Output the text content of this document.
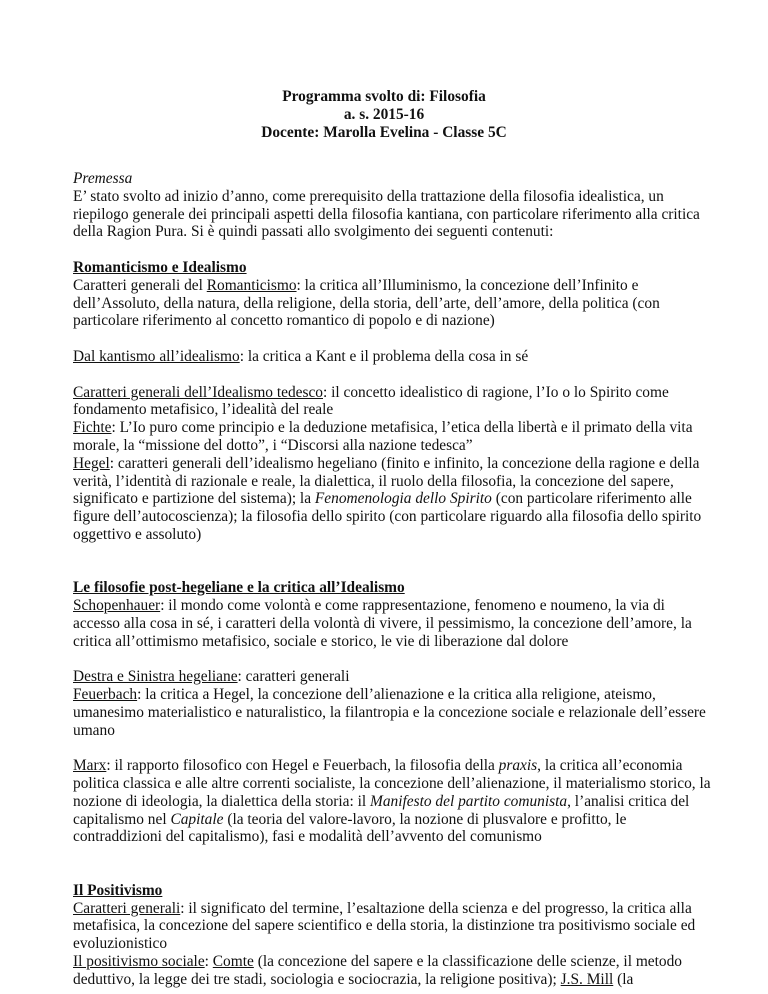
Programma svolto di: Filosofia
a. s. 2015-16
Docente: Marolla Evelina - Classe 5C

Premessa

E’ stato svolto ad inizio d’anno, come prerequisito della trattazione della filosofia idealistica, un riepilogo generale dei principali aspetti della filosofia kantiana, con particolare riferimento alla critica della Ragion Pura. Si è quindi passati allo svolgimento dei seguenti contenuti:

Romanticismo e Idealismo

Caratteri generali del Romanticismo: la critica all’Illuminismo, la concezione dell’Infinito e dell’Assoluto, della natura, della religione, della storia, dell’arte, dell’amore, della politica (con particolare riferimento al concetto romantico di popolo e di nazione)

Dal kantismo all’idealismo: la critica a Kant e il problema della cosa in sé

Caratteri generali dell’Idealismo tedesco: il concetto idealistico di ragione, l’Io o lo Spirito come fondamento metafisico, l’idealità del reale

Fichte: L’Io puro come principio e la deduzione metafisica, l’etica della libertà e il primato della vita morale, la “missione del dotto”, i “Discorsi alla nazione tedesca”

Hegel: caratteri generali dell’idealismo hegeliano (finito e infinito, la concezione della ragione e della verità, l’identità di razionale e reale, la dialettica, il ruolo della filosofia, la concezione del sapere, significato e partizione del sistema); la Fenomenologia dello Spirito (con particolare riferimento alle figure dell’autocoscienza); la filosofia dello spirito (con particolare riguardo alla filosofia dello spirito oggettivo e assoluto)

Le filosofie post-hegeliane e la critica all’Idealismo

Schopenhauer: il mondo come volontà e come rappresentazione, fenomeno e noumeno, la via di accesso alla cosa in sé, i caratteri della volontà di vivere, il pessimismo, la concezione dell’amore, la critica all’ottimismo metafisico, sociale e storico, le vie di liberazione dal dolore

Destra e Sinistra hegeliane: caratteri generali

Feuerbach: la critica a Hegel, la concezione dell’alienazione e la critica alla religione, ateismo, umanesimo materialistico e naturalistico, la filantropia e la concezione sociale e relazionale dell’essere umano

Marx: il rapporto filosofico con Hegel e Feuerbach, la filosofia della praxis, la critica all’economia politica classica e alle altre correnti socialiste, la concezione dell’alienazione, il materialismo storico, la nozione di ideologia, la dialettica della storia: il Manifesto del partito comunista, l’analisi critica del capitalismo nel Capitale (la teoria del valore-lavoro, la nozione di plusvalore e profitto, le contraddizioni del capitalismo), fasi e modalità dell’avvento del comunismo

Il Positivismo

Caratteri generali: il significato del termine, l’esaltazione della scienza e del progresso, la critica alla metafisica, la concezione del sapere scientifico e della storia, la distinzione tra positivismo sociale ed evoluzionistico

Il positivismo sociale: Comte (la concezione del sapere e la classificazione delle scienze, il metodo deduttivo, la legge dei tre stadi, sociologia e sociocrazia, la religione positiva); J.S. Mill (la
